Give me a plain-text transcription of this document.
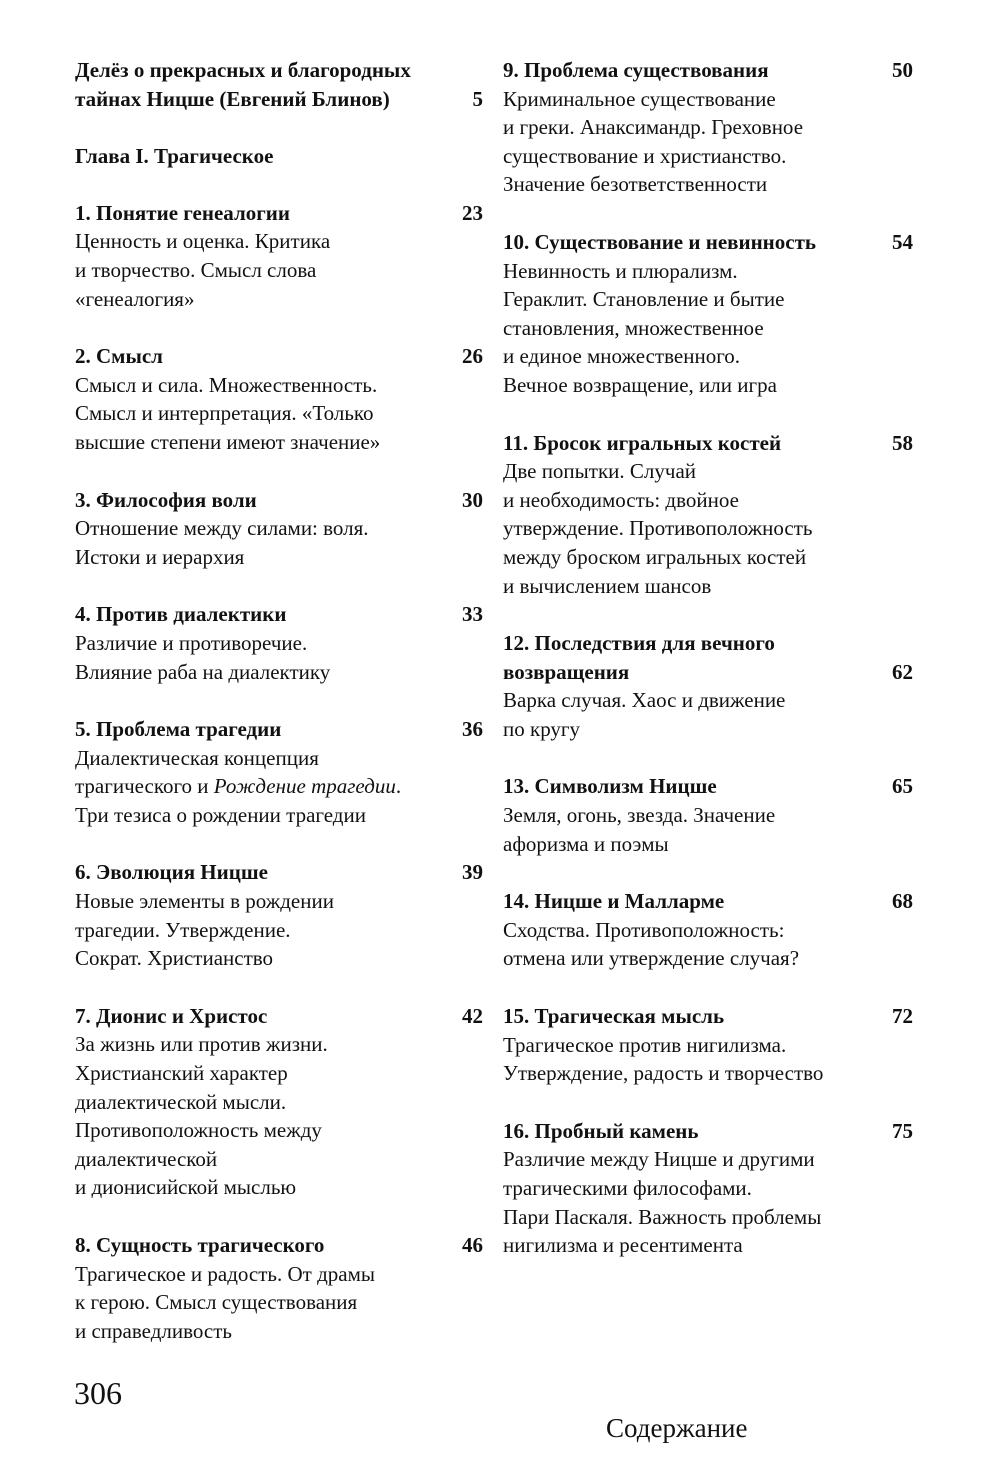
Делёз о прекрасных и благородных
тайнах Ницше (Евгений Блинов)	5
Глава I. Трагическое
1. Понятие генеалогии	23
Ценность и оценка. Критика
и творчество. Смысл слова
«генеалогия»
2. Смысл	26
Смысл и сила. Множественность.
Смысл и интерпретация. «Только
высшие степени имеют значение»
3. Философия воли	30
Отношение между силами: воля.
Истоки и иерархия
4. Против диалектики	33
Различие и противоречие.
Влияние раба на диалектику
5. Проблема трагедии	36
Диалектическая концепция
трагического и Рождение трагедии.
Три тезиса о рождении трагедии
6. Эволюция Ницше	39
Новые элементы в рождении
трагедии. Утверждение.
Сократ. Христианство
7. Дионис и Христос	42
За жизнь или против жизни.
Христианский характер
диалектической мысли.
Противоположность между
диалектической
и дионисийской мыслью
8. Сущность трагического	46
Трагическое и радость. От драмы
к герою. Смысл существования
и справедливость
9. Проблема существования	50
Криминальное существование
и греки. Анаксимандр. Греховное
существование и христианство.
Значение безответственности
10. Существование и невинность	54
Невинность и плюрализм.
Гераклит. Становление и бытие
становления, множественное
и единое множественного.
Вечное возвращение, или игра
11. Бросок игральных костей	58
Две попытки. Случай
и необходимость: двойное
утверждение. Противоположность
между броском игральных костей
и вычислением шансов
12. Последствия для вечного
возвращения	62
Варка случая. Хаос и движение
по кругу
13. Символизм Ницше	65
Земля, огонь, звезда. Значение
афоризма и поэмы
14. Ницше и Малларме	68
Сходства. Противоположность:
отмена или утверждение случая?
15. Трагическая мысль	72
Трагическое против нигилизма.
Утверждение, радость и творчество
16. Пробный камень	75
Различие между Ницше и другими
трагическими философами.
Пари Паскаля. Важность проблемы
нигилизма и ресентимента
306
Содержание
